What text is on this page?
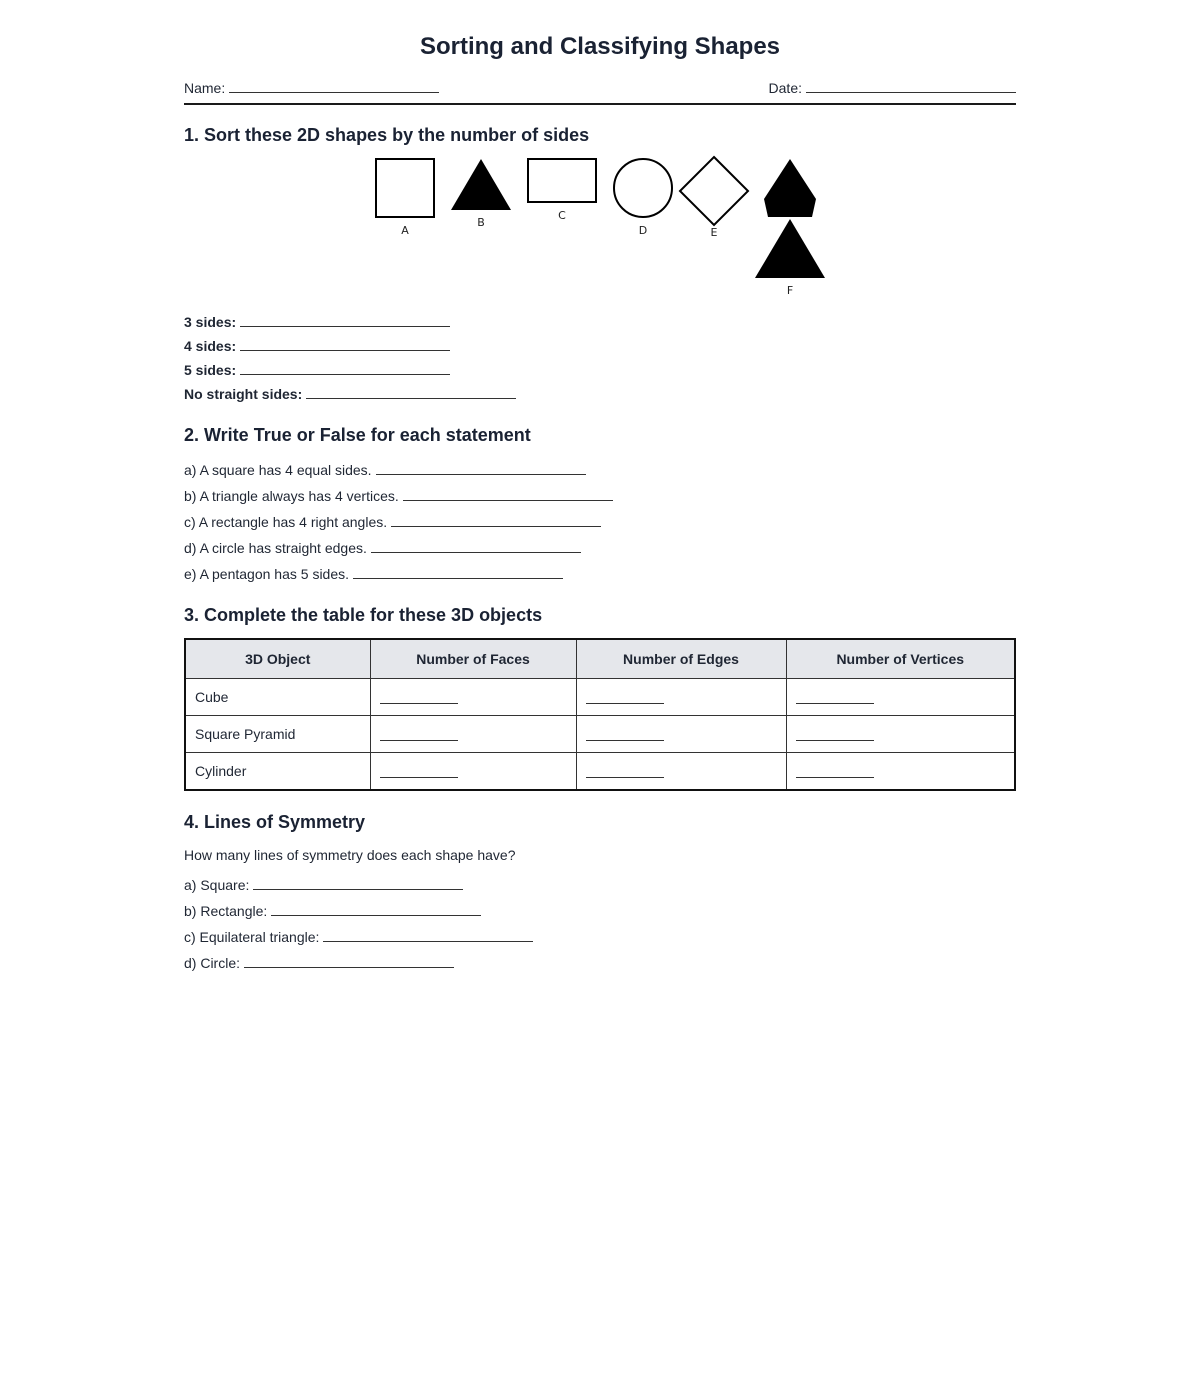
Sorting and Classifying Shapes
Name:	Date:
1. Sort these 2D shapes by the number of sides
A
B
C
D	E
F
3 sides:
4 sides:
5 sides:
No straight sides:
2. Write True or False for each statement
a) A square has 4 equal sides.
b) A triangle always has 4 vertices.
c) A rectangle has 4 right angles.
d) A circle has straight edges.
e) A pentagon has 5 sides.
3. Complete the table for these 3D objects
3D Object	Number of Faces	Number of Edges	Number of Vertices
Cube			
Square Pyramid			
Cylinder			
4. Lines of Symmetry
How many lines of symmetry does each shape have?
a) Square:
b) Rectangle:
c) Equilateral triangle:
d) Circle:
